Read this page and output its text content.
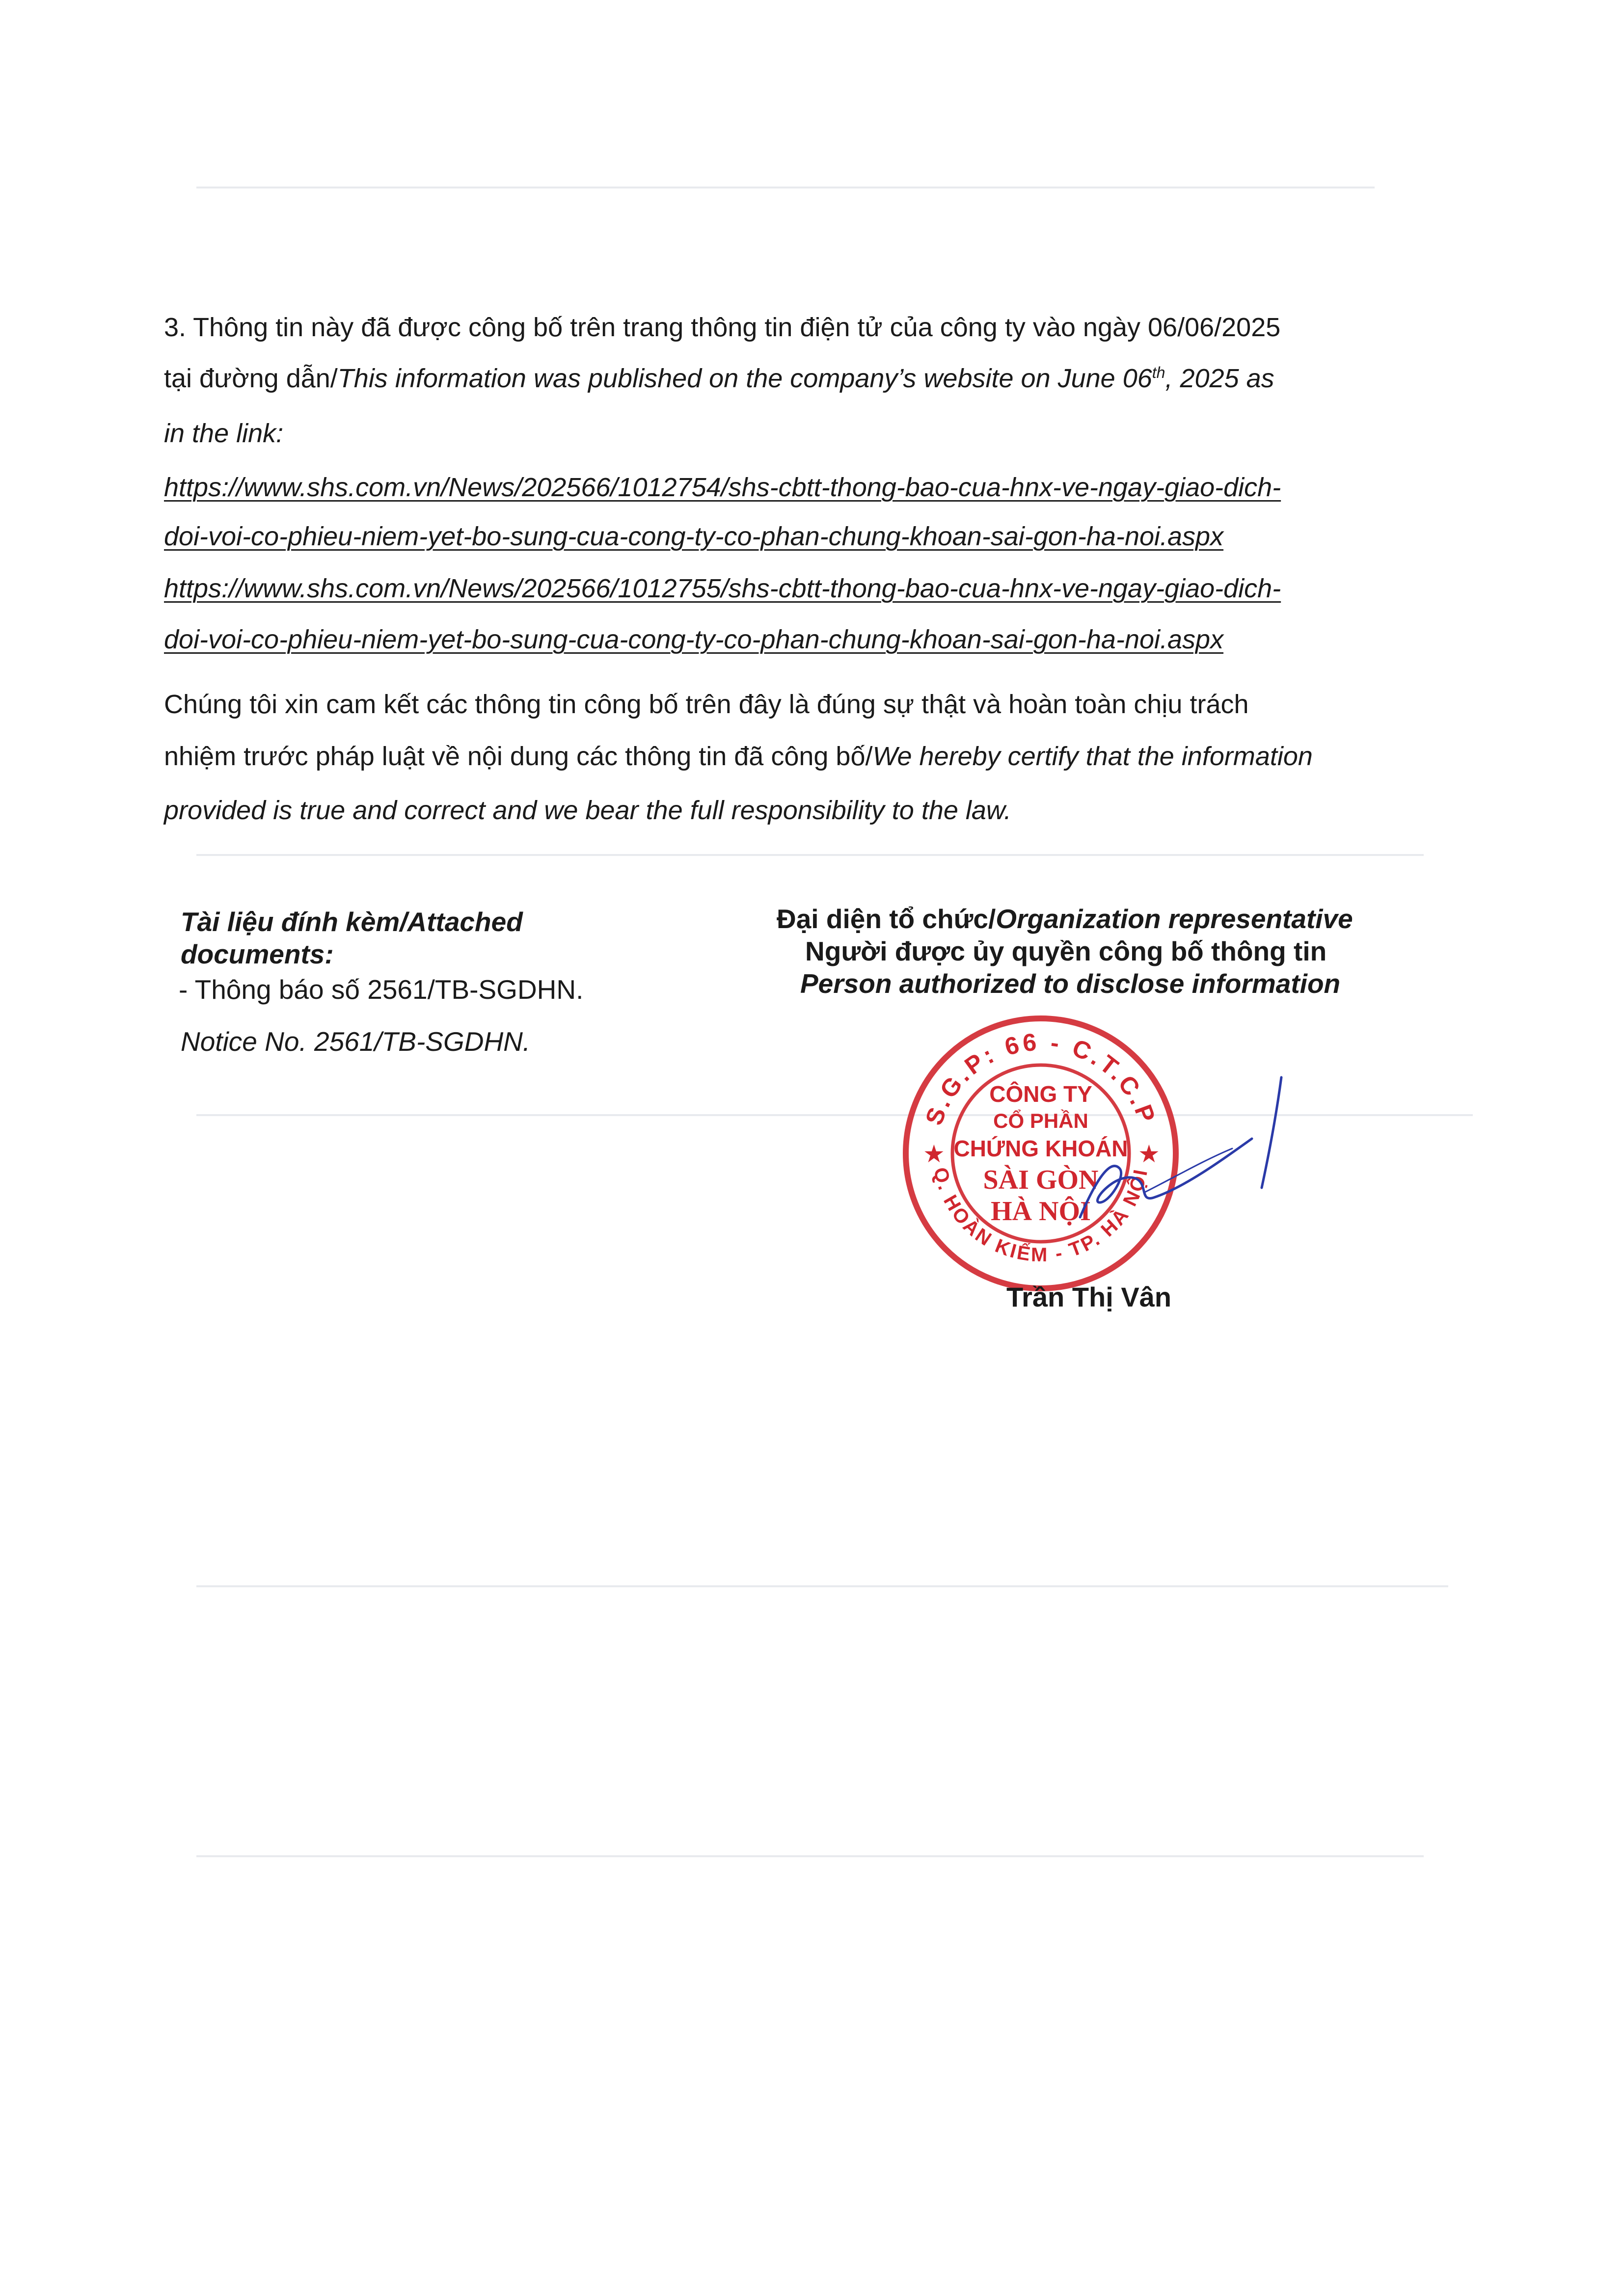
3. Thông tin này đã được công bố trên trang thông tin điện tử của công ty vào ngày 06/06/2025
tại đường dẫn/This information was published on the company’s website on June 06th, 2025 as
in the link:
https://www.shs.com.vn/News/202566/1012754/shs-cbtt-thong-bao-cua-hnx-ve-ngay-giao-dich-
doi-voi-co-phieu-niem-yet-bo-sung-cua-cong-ty-co-phan-chung-khoan-sai-gon-ha-noi.aspx
https://www.shs.com.vn/News/202566/1012755/shs-cbtt-thong-bao-cua-hnx-ve-ngay-giao-dich-
doi-voi-co-phieu-niem-yet-bo-sung-cua-cong-ty-co-phan-chung-khoan-sai-gon-ha-noi.aspx
Chúng tôi xin cam kết các thông tin công bố trên đây là đúng sự thật và hoàn toàn chịu trách
nhiệm trước pháp luật về nội dung các thông tin đã công bố/We hereby certify that the information
provided is true and correct and we bear the full responsibility to the law.
Tài liệu đính kèm/Attached
documents:
- Thông báo số 2561/TB-SGDHN.
Notice No. 2561/TB-SGDHN.
Đại diện tổ chức/Organization representative
Người được ủy quyền công bố thông tin
Person authorized to disclose information
S.G.P: 66 - C.T.C.P
Q. HOÀN KIẾM - TP. HÀ NỘI
★	★
CÔNG TY
CỔ PHẦN
CHỨNG KHOÁN
SÀI GÒN
HÀ NỘI
Trần Thị Vân
